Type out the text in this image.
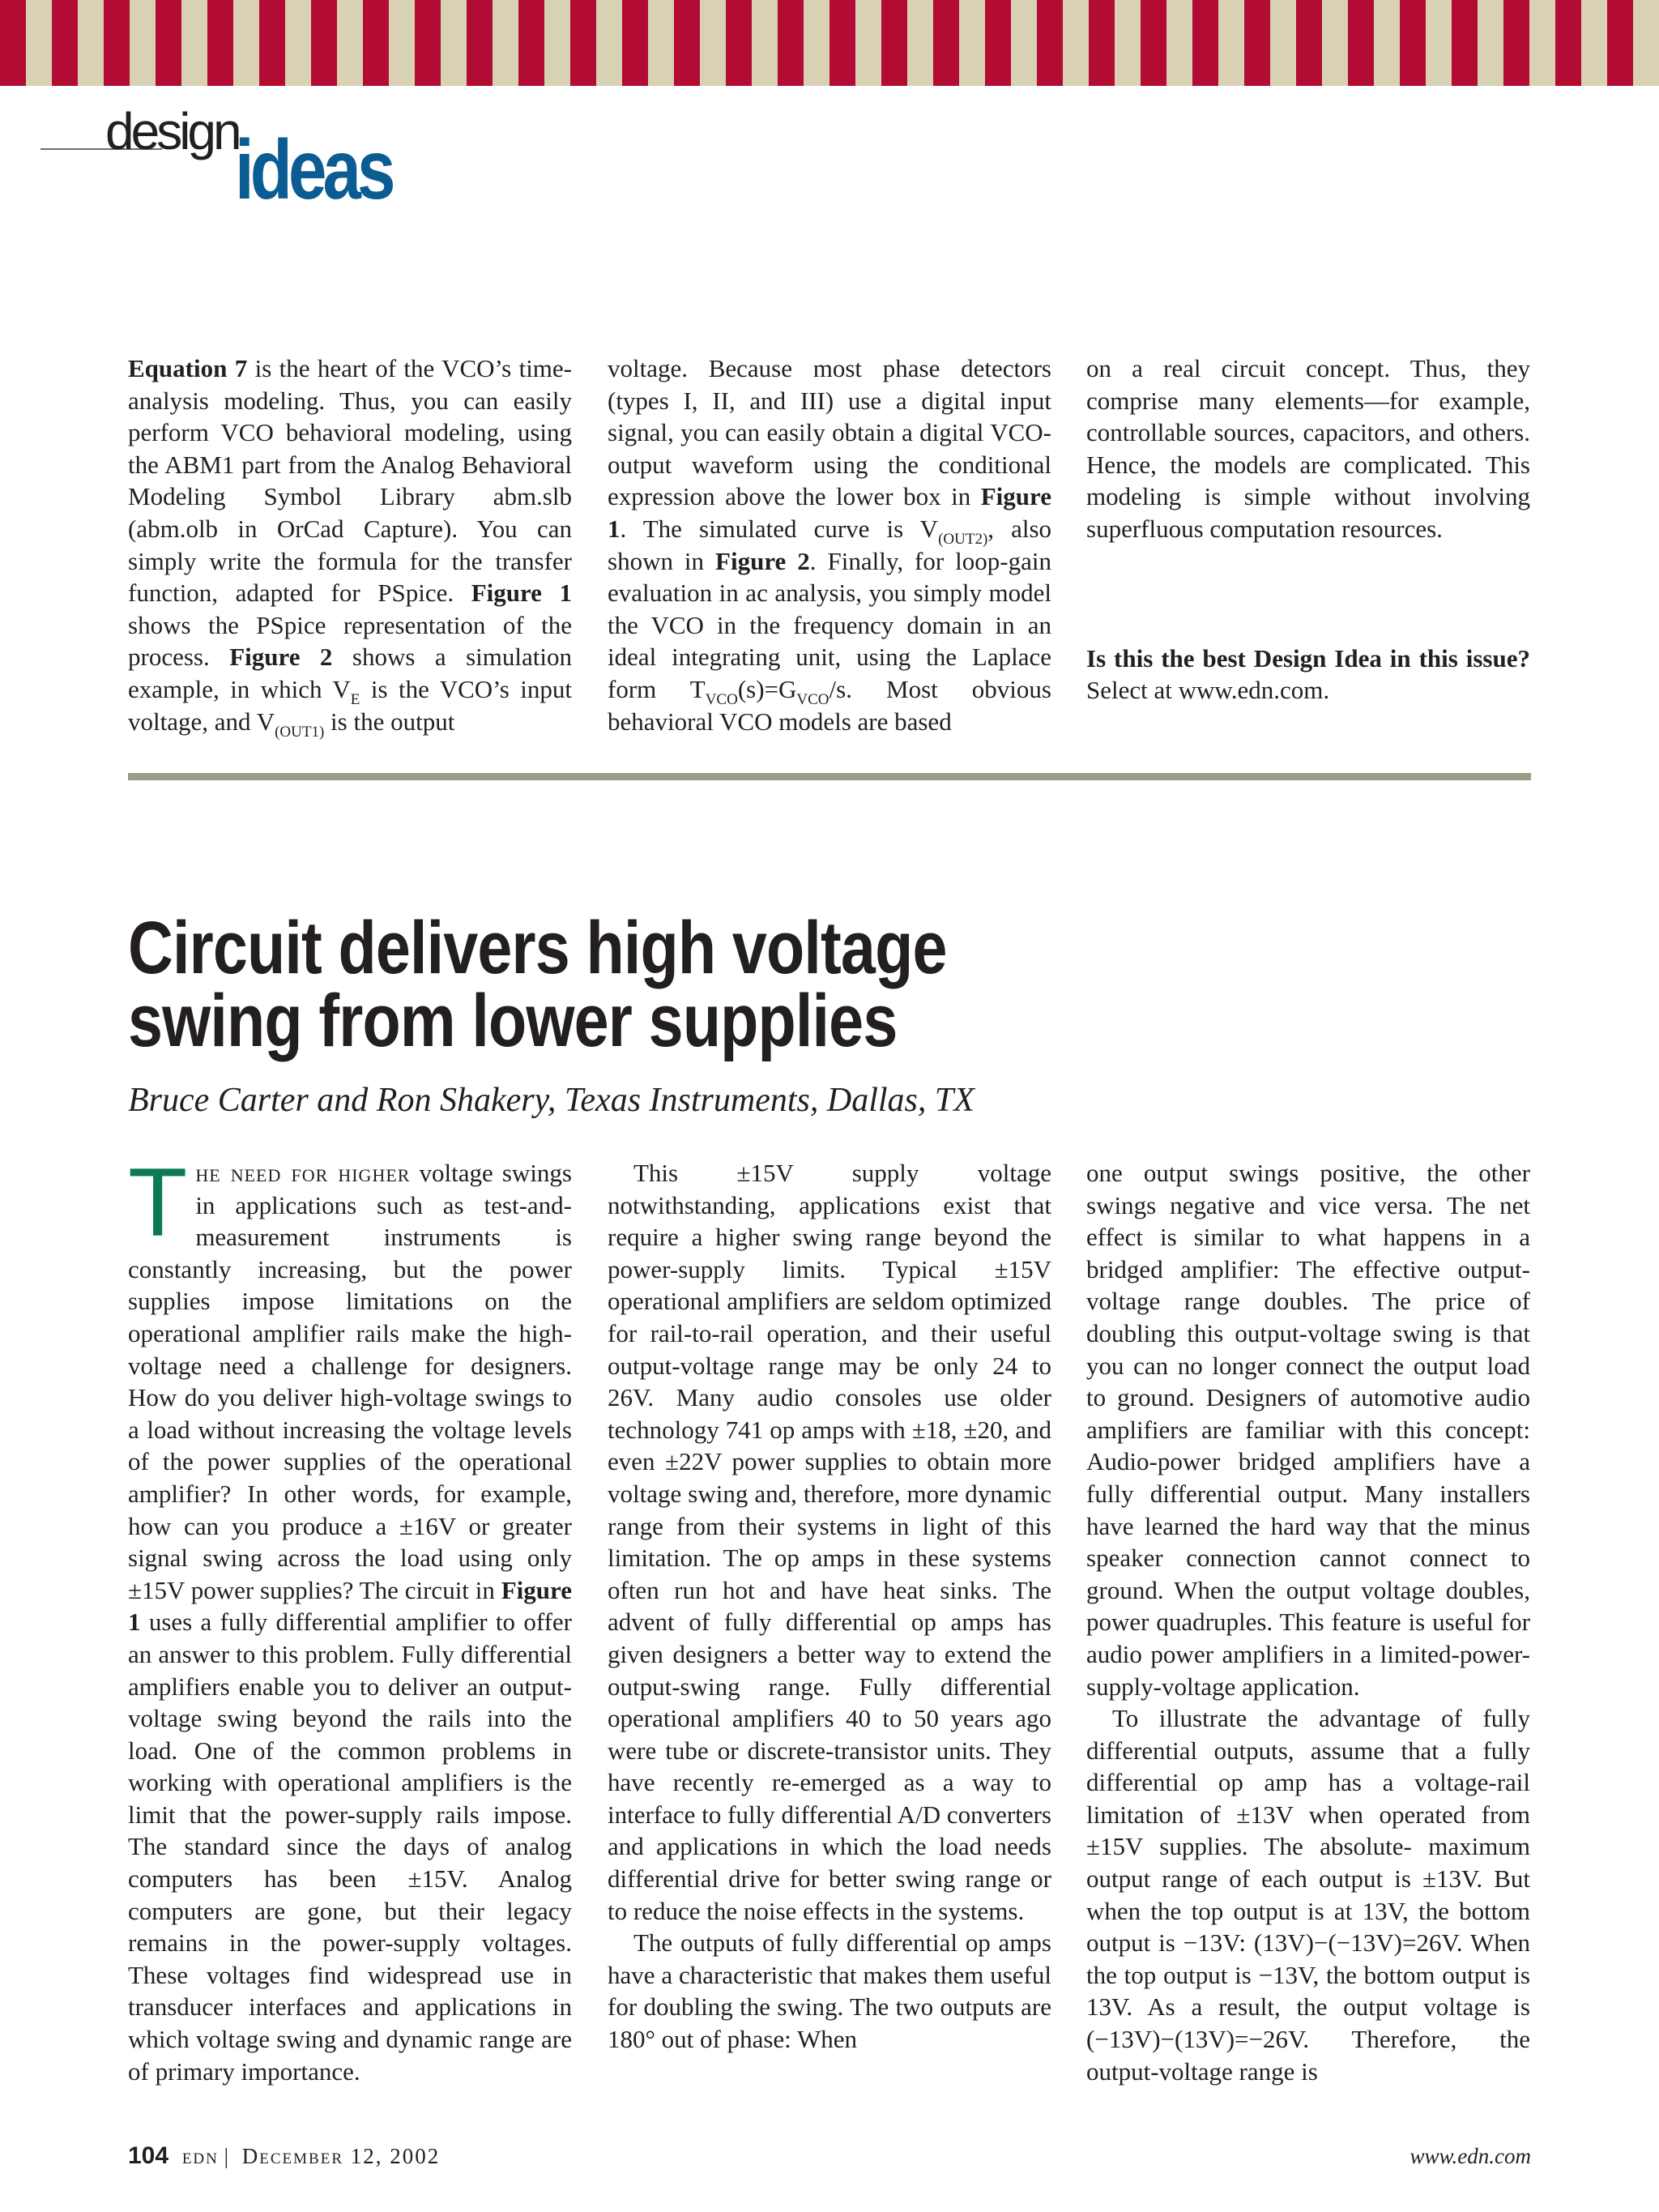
design
ideas
Equation 7 is the heart of the VCO’s time-analysis modeling. Thus, you can easily perform VCO behavioral modeling, using the ABM1 part from the Analog Behavioral Modeling Symbol Library abm.slb (abm.olb in OrCad Capture). You can simply write the formula for the transfer function, adapted for PSpice. Figure 1 shows the PSpice representation of the process. Figure 2 shows a simulation example, in which $V_E$ is the VCO’s input voltage, and $V_{(OUT1)}$ is the output
voltage. Because most phase detectors (types I, II, and III) use a digital input signal, you can easily obtain a digital VCO-output waveform using the conditional expression above the lower box in Figure 1. The simulated curve is $V_{(OUT2)}$, also shown in Figure 2. Finally, for loop-gain evaluation in ac analysis, you simply model the VCO in the frequency domain in an ideal integrating unit, using the Laplace form $T_{VCO}(s)=G_{VCO}/s$. Most obvious behavioral VCO models are based

on a real circuit concept. Thus, they comprise many elements—for example, controllable sources, capacitors, and others. Hence, the models are complicated. This modeling is simple without involving superfluous computation resources.

Is this the best Design Idea in this issue? Select at www.edn.com.

Circuit delivers high voltage swing from lower supplies
Bruce Carter and Ron Shakery, Texas Instruments, Dallas, TX
The need for higher voltage swings in applications such as test-and-measurement instruments is constantly increasing, but the power supplies impose limitations on the operational amplifier rails make the high-voltage need a challenge for designers. How do you deliver high-voltage swings to a load without increasing the voltage levels of the power supplies of the operational amplifier? In other words, for example, how can you produce a ±16V or greater signal swing across the load using only ±15V power supplies? The circuit in Figure 1 uses a fully differential amplifier to offer an answer to this problem. Fully differential amplifiers enable you to deliver an output-voltage swing beyond the rails into the load. One of the common problems in working with operational amplifiers is the limit that the power-supply rails impose. The standard since the days of analog computers has been ±15V. Analog computers are gone, but their legacy remains in the power-supply voltages. These voltages find widespread use in transducer interfaces and applications in which voltage swing and dynamic range are of primary importance.

This ±15V supply voltage notwithstanding, applications exist that require a higher swing range beyond the power-supply limits. Typical ±15V operational amplifiers are seldom optimized for rail-to-rail operation, and their useful output-voltage range may be only 24 to 26V. Many audio consoles use older technology 741 op amps with ±18, ±20, and even ±22V power supplies to obtain more voltage swing and, therefore, more dynamic range from their systems in light of this limitation. The op amps in these systems often run hot and have heat sinks. The advent of fully differential op amps has given designers a better way to extend the output-swing range. Fully differential operational amplifiers 40 to 50 years ago were tube or discrete-transistor units. They have recently re-emerged as a way to interface to fully differential A/D converters and applications in which the load needs differential drive for better swing range or to reduce the noise effects in the systems.

The outputs of fully differential op amps have a characteristic that makes them useful for doubling the swing. The two outputs are 180° out of phase: When

one output swings positive, the other swings negative and vice versa. The net effect is similar to what happens in a bridged amplifier: The effective output-voltage range doubles. The price of doubling this output-voltage swing is that you can no longer connect the output load to ground. Designers of automotive audio amplifiers are familiar with this concept: Audio-power bridged amplifiers have a fully differential output. Many installers have learned the hard way that the minus speaker connection cannot connect to ground. When the output voltage doubles, power quadruples. This feature is useful for audio power amplifiers in a limited-power-supply-voltage application.

To illustrate the advantage of fully differential outputs, assume that a fully differential op amp has a voltage-rail limitation of ±13V when operated from ±15V supplies. The absolute- maximum output range of each output is ±13V. But when the top output is at 13V, the bottom output is −13V: (13V)−(−13V)=26V. When the top output is −13V, the bottom output is 13V. As a result, the output voltage is (−13V)−(13V)=−26V. Therefore, the output-voltage range is

104 edn | December 12, 2002	www.edn.com
